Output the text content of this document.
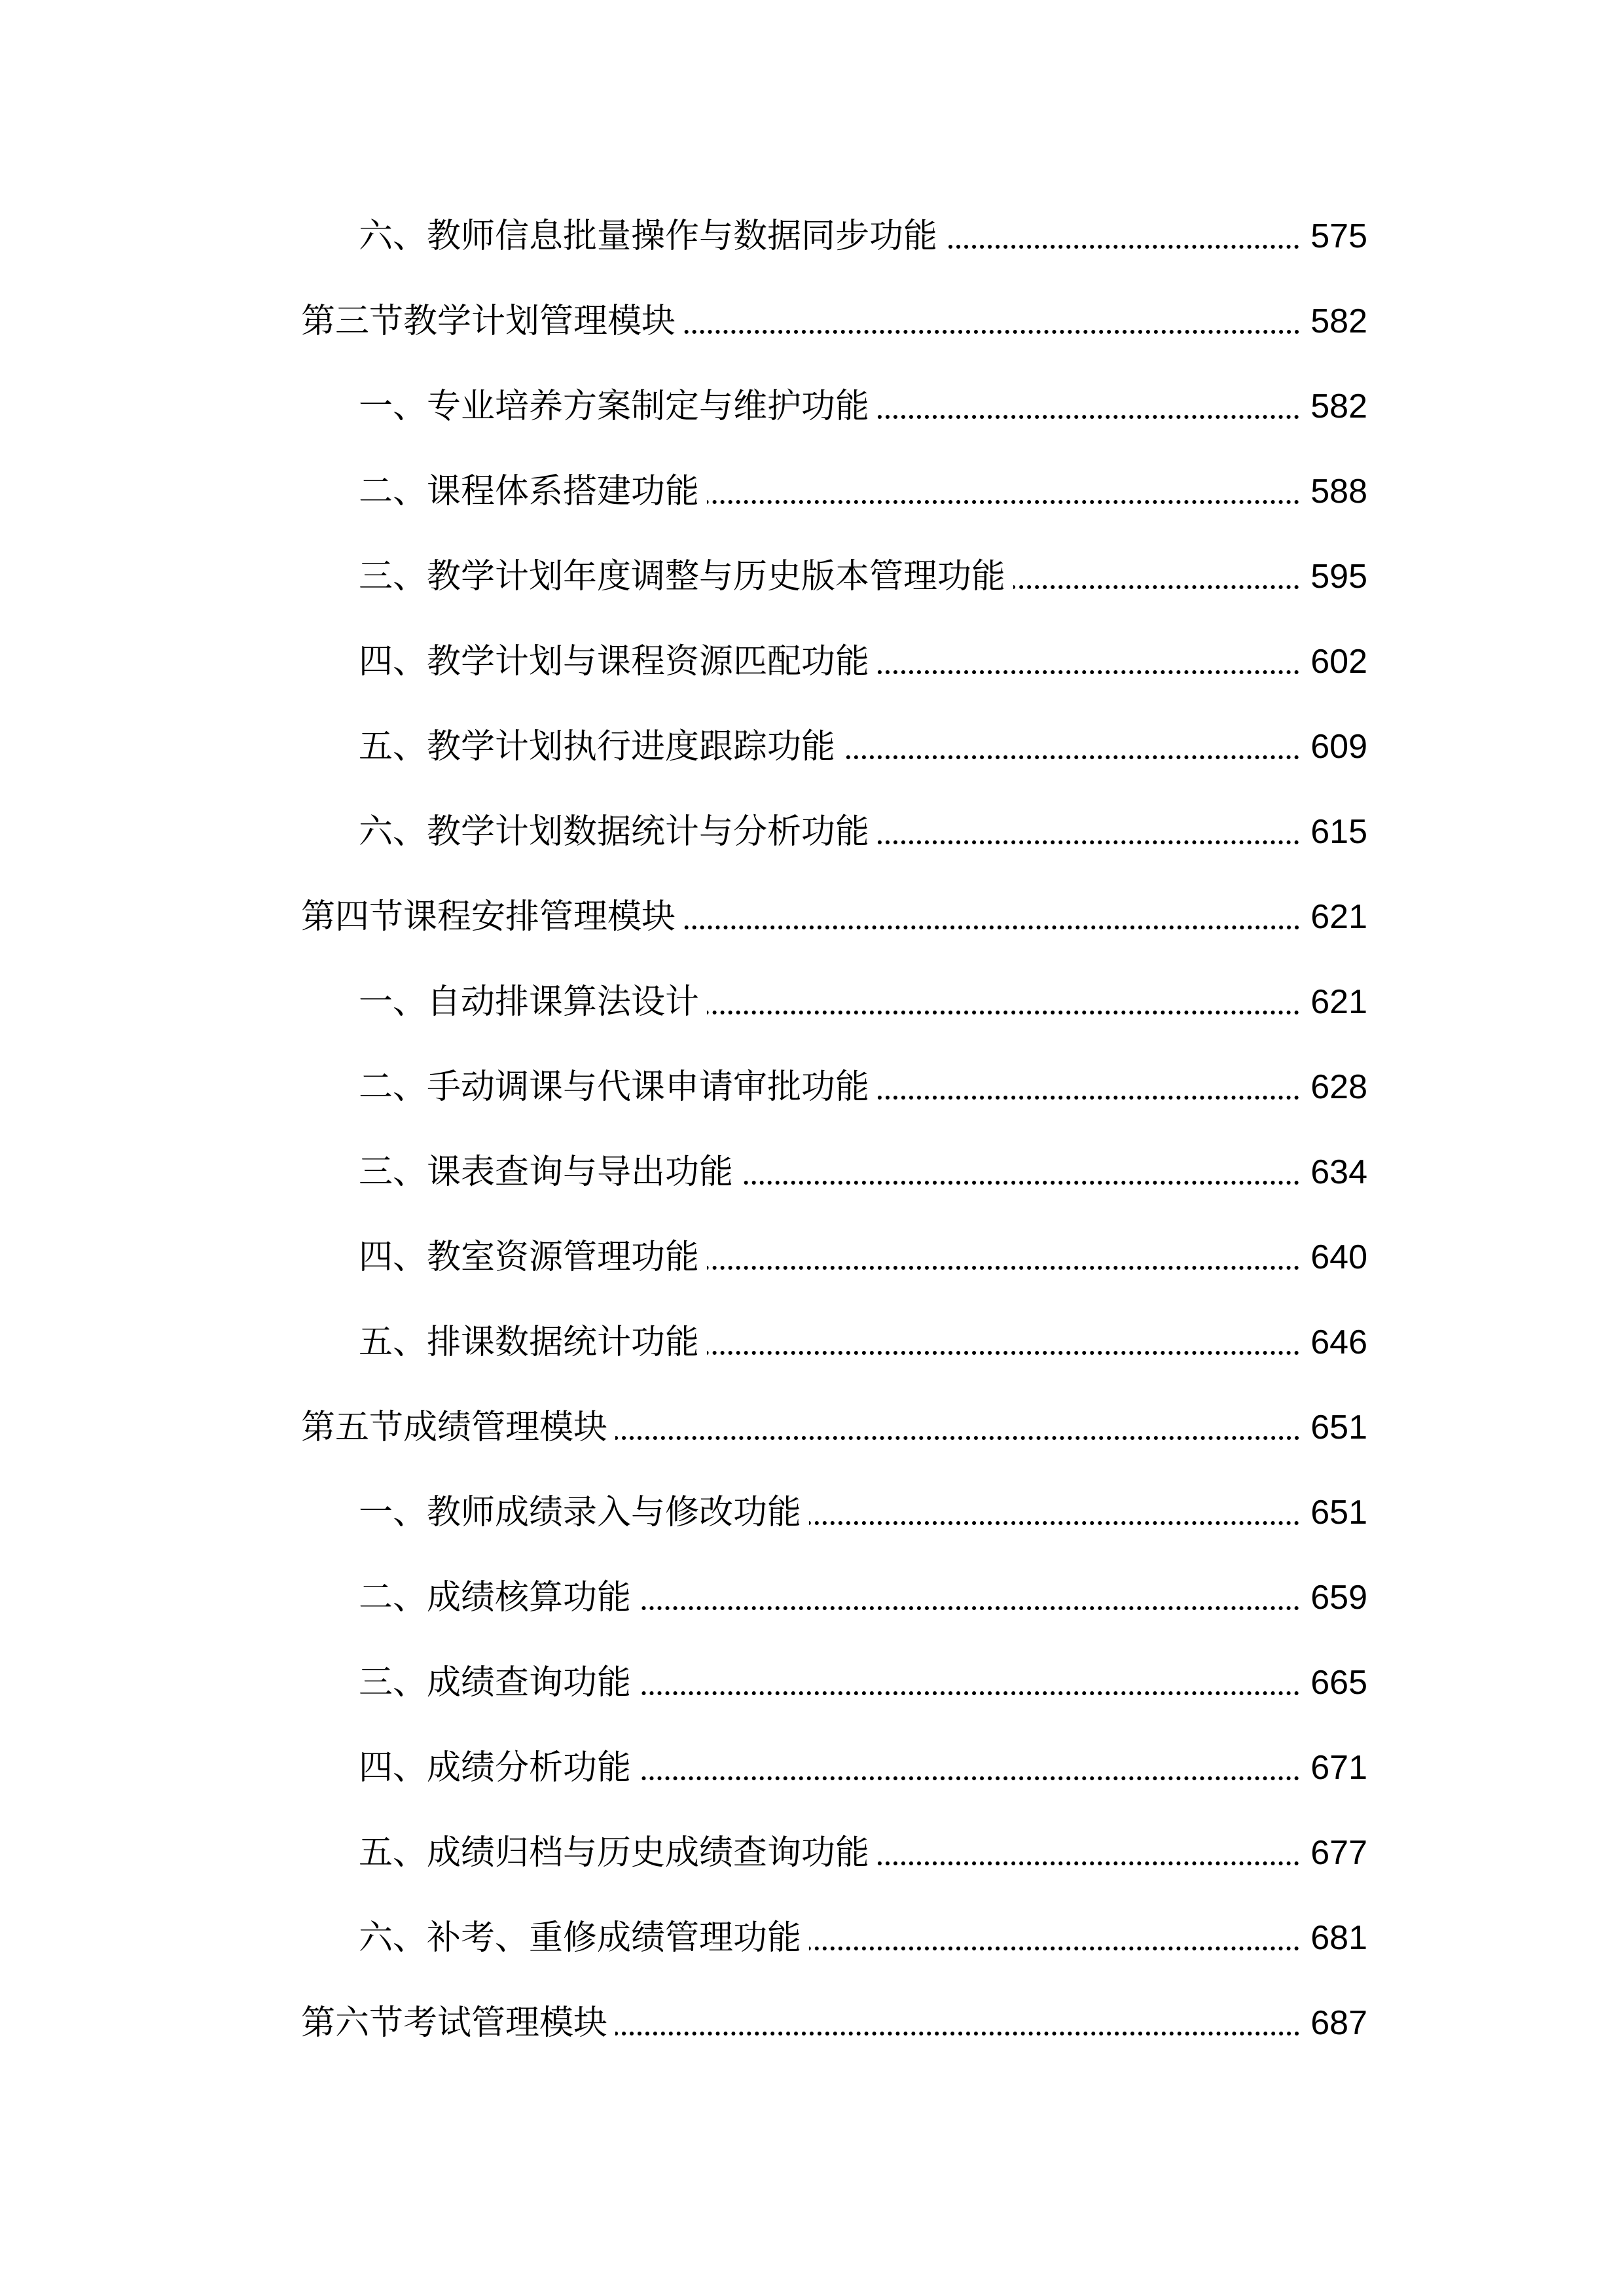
六、教师信息批量操作与数据同步功能	575
第三节教学计划管理模块	582
一、专业培养方案制定与维护功能	582
二、课程体系搭建功能	588
三、教学计划年度调整与历史版本管理功能	595
四、教学计划与课程资源匹配功能	602
五、教学计划执行进度跟踪功能	609
六、教学计划数据统计与分析功能	615
第四节课程安排管理模块	621
一、自动排课算法设计	621
二、手动调课与代课申请审批功能	628
三、课表查询与导出功能	634
四、教室资源管理功能	640
五、排课数据统计功能	646
第五节成绩管理模块	651
一、教师成绩录入与修改功能	651
二、成绩核算功能	659
三、成绩查询功能	665
四、成绩分析功能	671
五、成绩归档与历史成绩查询功能	677
六、补考、重修成绩管理功能	681
第六节考试管理模块	687
